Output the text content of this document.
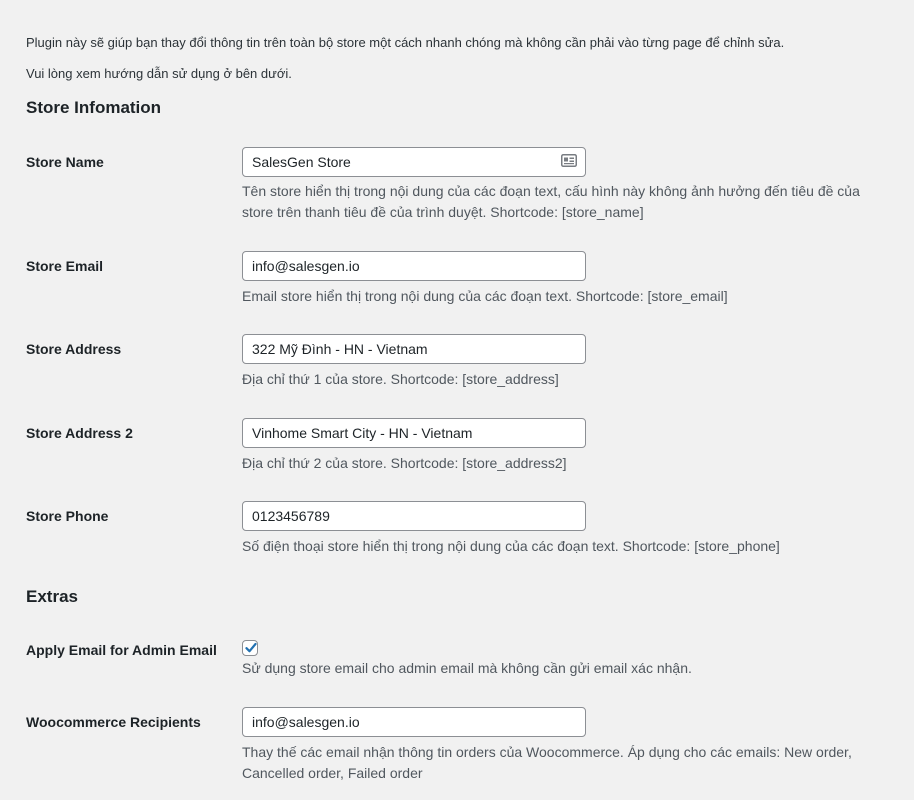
Plugin này sẽ giúp bạn thay đổi thông tin trên toàn bộ store một cách nhanh chóng mà không cần phải vào từng page để chỉnh sửa.
Vui lòng xem hướng dẫn sử dụng ở bên dưới.
Store Infomation
Store Name
SalesGen Store
Tên store hiển thị trong nội dung của các đoạn text, cấu hình này không ảnh hưởng đến tiêu đề của store trên thanh tiêu đề của trình duyệt. Shortcode: [store_name]
Store Email
info@salesgen.io
Email store hiển thị trong nội dung của các đoạn text. Shortcode: [store_email]
Store Address
322 Mỹ Đình - HN - Vietnam
Địa chỉ thứ 1 của store. Shortcode: [store_address]
Store Address 2
Vinhome Smart City - HN - Vietnam
Địa chỉ thứ 2 của store. Shortcode: [store_address2]
Store Phone
0123456789
Số điện thoại store hiển thị trong nội dung của các đoạn text. Shortcode: [store_phone]
Extras
Apply Email for Admin Email
Sử dụng store email cho admin email mà không cần gửi email xác nhận.
Woocommerce Recipients
info@salesgen.io
Thay thế các email nhận thông tin orders của Woocommerce. Áp dụng cho các emails: New order, Cancelled order, Failed order
